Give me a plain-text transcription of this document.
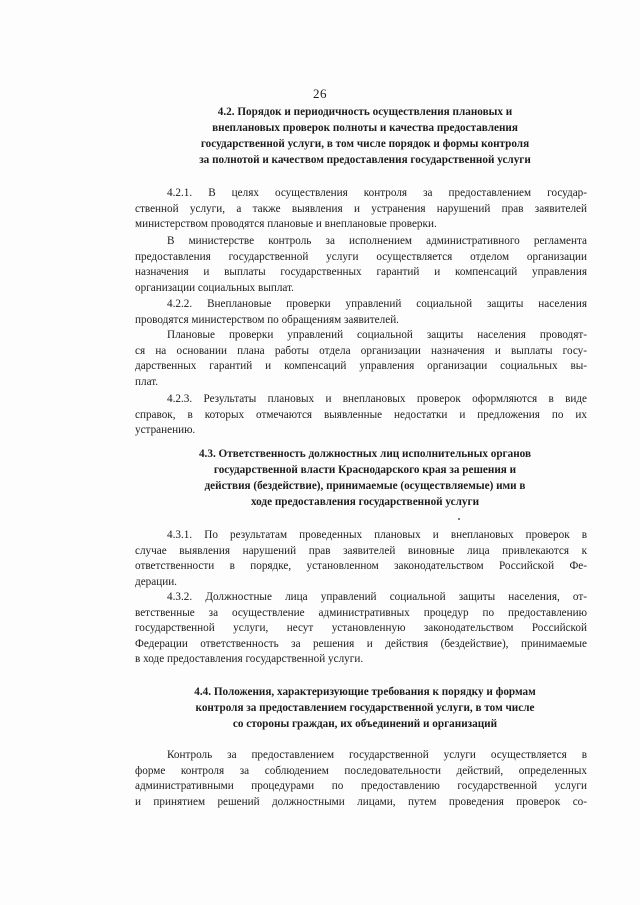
26
4.2. Порядок и периодичность осуществления плановых и
внеплановых проверок полноты и качества предоставления
государственной услуги, в том числе порядок и формы контроля
за полнотой и качеством предоставления государственной услуги
4.2.1. В целях осуществления контроля за предоставлением государ-
ственной услуги, а также выявления и устранения нарушений прав заявителей
министерством проводятся плановые и внеплановые проверки.
В министерстве контроль за исполнением административного регламента
предоставления государственной услуги осуществляется отделом организации
назначения и выплаты государственных гарантий и компенсаций управления
организации социальных выплат.
4.2.2. Внеплановые проверки управлений социальной защиты населения
проводятся министерством по обращениям заявителей.
Плановые проверки управлений социальной защиты населения проводят-
ся на основании плана работы отдела организации назначения и выплаты госу-
дарственных гарантий и компенсаций управления организации социальных вы-
плат.
4.2.3. Результаты плановых и внеплановых проверок оформляются в виде
справок, в которых отмечаются выявленные недостатки и предложения по их
устранению.
4.3. Ответственность должностных лиц исполнительных органов
государственной власти Краснодарского края за решения и
действия (бездействие), принимаемые (осуществляемые) ими в
ходе предоставления государственной услуги
4.3.1. По результатам проведенных плановых и внеплановых проверок в
случае выявления нарушений прав заявителей виновные лица привлекаются к
ответственности в порядке, установленном законодательством Российской Фе-
дерации.
4.3.2. Должностные лица управлений социальной защиты населения, от-
ветственные за осуществление административных процедур по предоставлению
государственной услуги, несут установленную законодательством Российской
Федерации ответственность за решения и действия (бездействие), принимаемые
в ходе предоставления государственной услуги.
4.4. Положения, характеризующие требования к порядку и формам
контроля за предоставлением государственной услуги, в том числе
со стороны граждан, их объединений и организаций
Контроль за предоставлением государственной услуги осуществляется в
форме контроля за соблюдением последовательности действий, определенных
административными процедурами по предоставлению государственной услуги
и принятием решений должностными лицами, путем проведения проверок со-
